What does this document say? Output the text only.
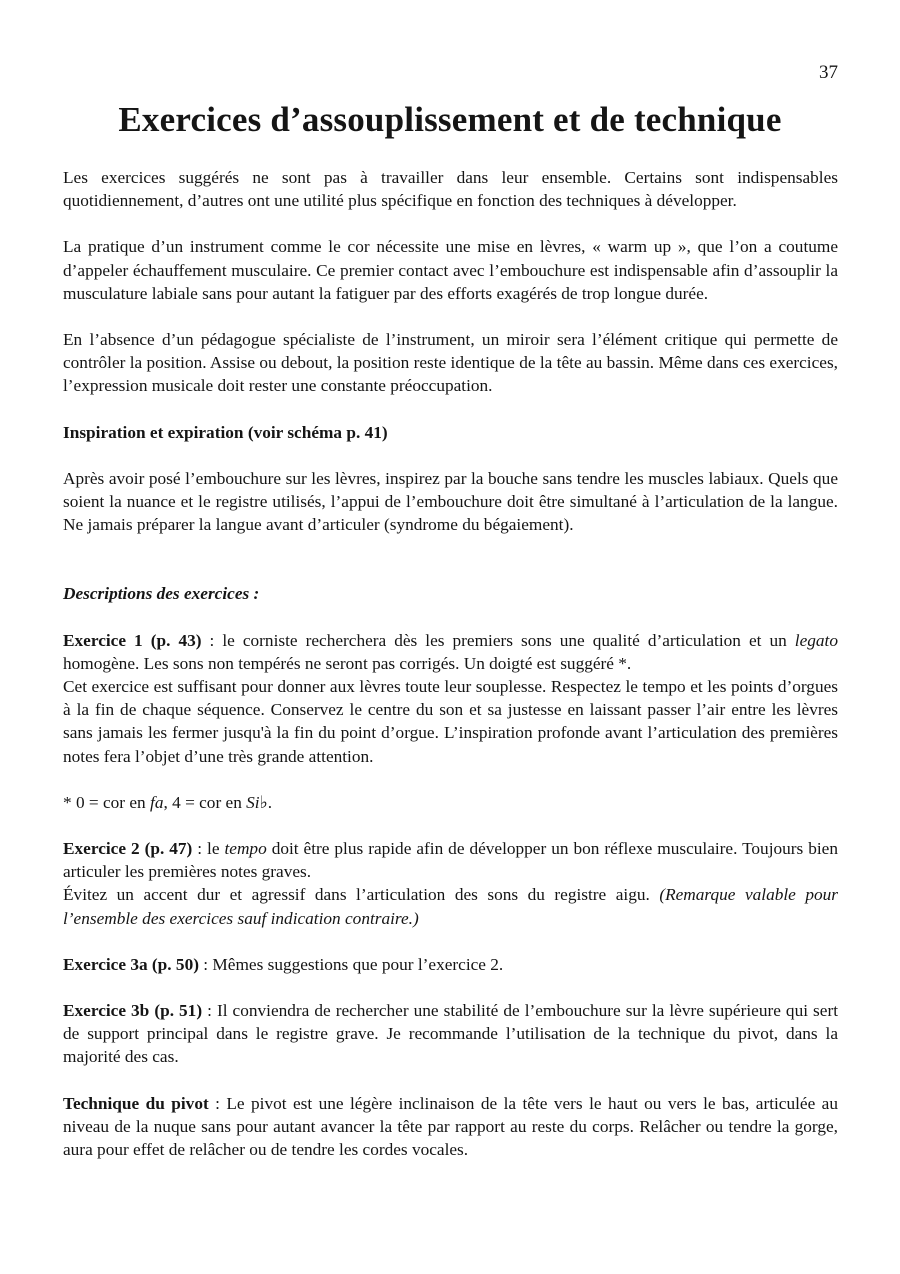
37
Exercices d’assouplissement et de technique

Les exercices suggérés ne sont pas à travailler dans leur ensemble. Certains sont indispensables quotidiennement, d’autres ont une utilité plus spécifique en fonction des techniques à développer.

La pratique d’un instrument comme le cor nécessite une mise en lèvres, « warm up », que l’on a coutume d’appeler échauffement musculaire. Ce premier contact avec l’embouchure est indispensable afin d’assouplir la musculature labiale sans pour autant la fatiguer par des efforts exagérés de trop longue durée.

En l’absence d’un pédagogue spécialiste de l’instrument, un miroir sera l’élément critique qui permette de contrôler la position. Assise ou debout, la position reste identique de la tête au bassin. Même dans ces exercices, l’expression musicale doit rester une constante préoccupation.

Inspiration et expiration (voir schéma p. 41)

Après avoir posé l’embouchure sur les lèvres, inspirez par la bouche sans tendre les muscles labiaux. Quels que soient la nuance et le registre utilisés, l’appui de l’embouchure doit être simultané à l’articulation de la langue. Ne jamais préparer la langue avant d’articuler (syndrome du bégaiement).

Descriptions des exercices :

Exercice 1 (p. 43) : le corniste recherchera dès les premiers sons une qualité d’articulation et un legato homogène. Les sons non tempérés ne seront pas corrigés. Un doigté est suggéré *.

Cet exercice est suffisant pour donner aux lèvres toute leur souplesse. Respectez le tempo et les points d’orgues à la fin de chaque séquence. Conservez le centre du son et sa justesse en laissant passer l’air entre les lèvres sans jamais les fermer jusqu'à la fin du point d’orgue. L’inspiration profonde avant l’articulation des premières notes fera l’objet d’une très grande attention.

* 0 = cor en fa, 4 = cor en Si♭.

Exercice 2 (p. 47) : le tempo doit être plus rapide afin de développer un bon réflexe musculaire. Toujours bien articuler les premières notes graves.

Évitez un accent dur et agressif dans l’articulation des sons du registre aigu. (Remarque valable pour l’ensemble des exercices sauf indication contraire.)

Exercice 3a (p. 50) : Mêmes suggestions que pour l’exercice 2.

Exercice 3b (p. 51) : Il conviendra de rechercher une stabilité de l’embouchure sur la lèvre supérieure qui sert de support principal dans le registre grave. Je recommande l’utilisation de la technique du pivot, dans la majorité des cas.

Technique du pivot : Le pivot est une légère inclinaison de la tête vers le haut ou vers le bas, articulée au niveau de la nuque sans pour autant avancer la tête par rapport au reste du corps. Relâcher ou tendre la gorge, aura pour effet de relâcher ou de tendre les cordes vocales.
